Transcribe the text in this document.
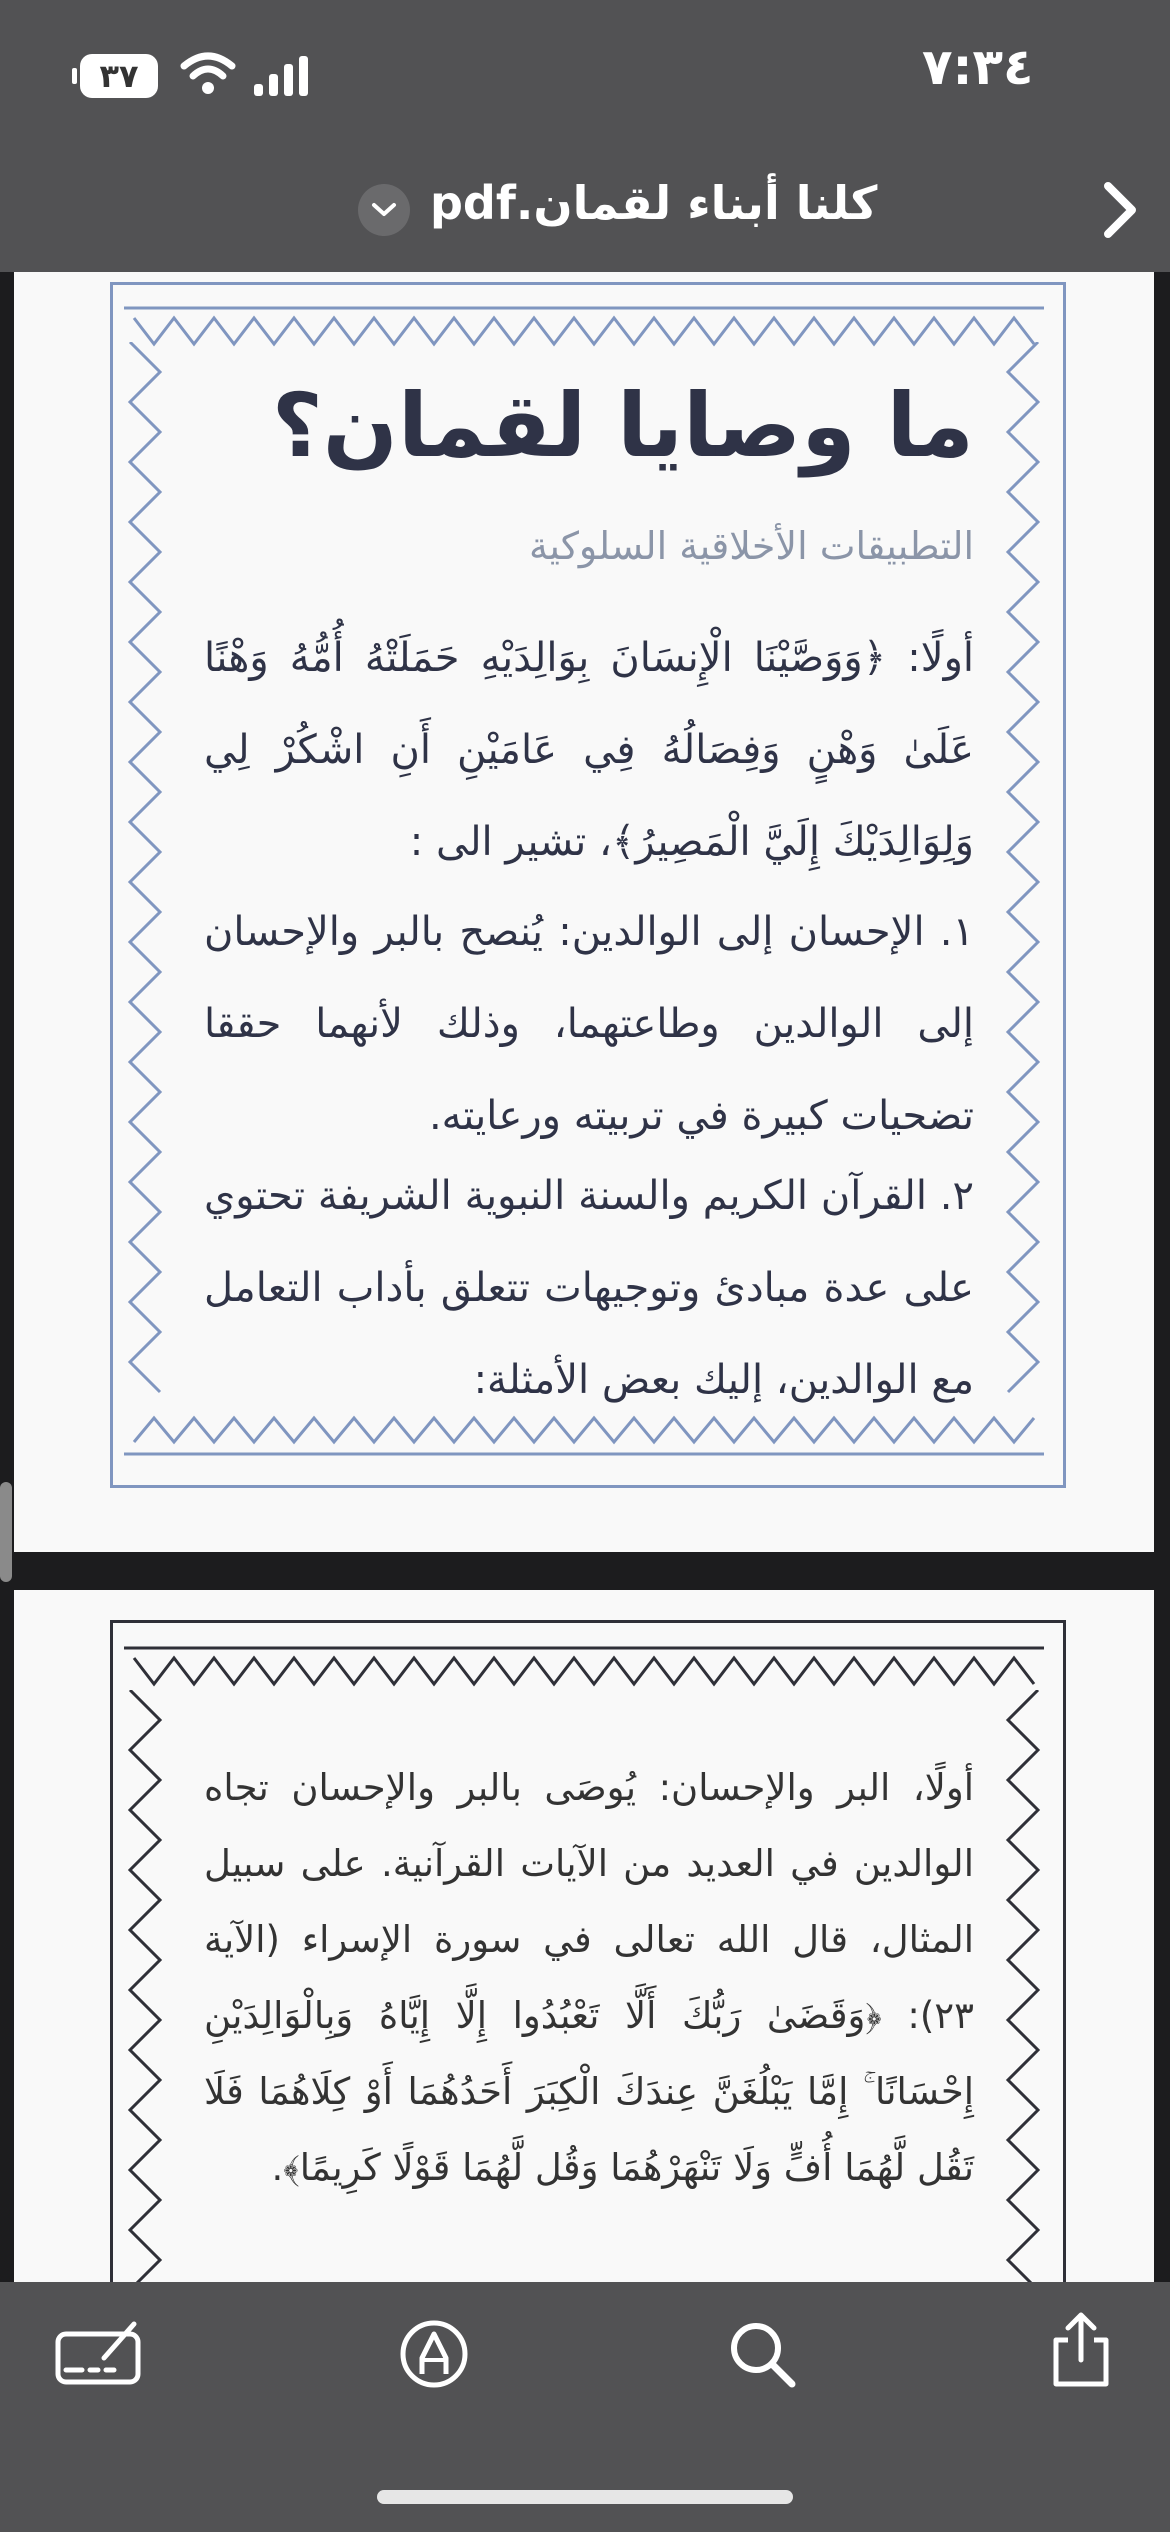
٣٧	٧:٣٤
كلنا أبناء لقمان.pdf
ما وصايا لقمان؟
التطبيقات الأخلاقية السلوكية
أولًا: ﴿وَوَصَّيْنَا الْإِنسَانَ بِوَالِدَيْهِ حَمَلَتْهُ أُمُّهُ وَهْنًا عَلَىٰ وَهْنٍ وَفِصَالُهُ فِي عَامَيْنِ أَنِ اشْكُرْ لِي وَلِوَالِدَيْكَ إِلَيَّ الْمَصِيرُ﴾، تشير الى :
١. الإحسان إلى الوالدين: يُنصح بالبر والإحسان إلى الوالدين وطاعتهما، وذلك لأنهما حققا تضحيات كبيرة في تربيته ورعايته.
٢. القرآن الكريم والسنة النبوية الشريفة تحتوي على عدة مبادئ وتوجيهات تتعلق بأداب التعامل مع الوالدين، إليك بعض الأمثلة:
أولًا، البر والإحسان: يُوصَى بالبر والإحسان تجاه الوالدين في العديد من الآيات القرآنية. على سبيل المثال، قال الله تعالى في سورة الإسراء (الآية ٢٣): ﴿وَقَضَىٰ رَبُّكَ أَلَّا تَعْبُدُوا إِلَّا إِيَّاهُ وَبِالْوَالِدَيْنِ إِحْسَانًا ۚ إِمَّا يَبْلُغَنَّ عِندَكَ الْكِبَرَ أَحَدُهُمَا أَوْ كِلَاهُمَا فَلَا تَقُل لَّهُمَا أُفٍّ وَلَا تَنْهَرْهُمَا وَقُل لَّهُمَا قَوْلًا كَرِيمًا﴾.
